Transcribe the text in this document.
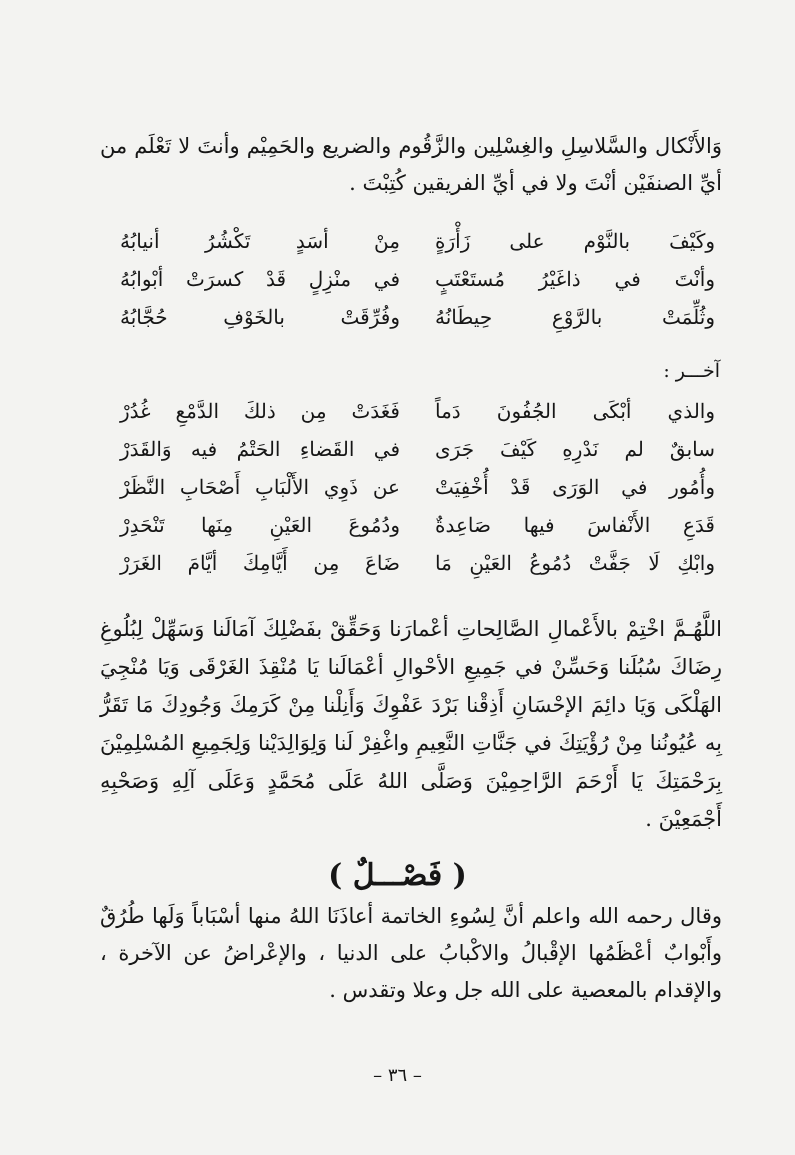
وَالأَنْكال والسَّلاسِلِ والغِسْلِين والزَّقُوم والضريع والحَمِيْم وأنتَ لا تَعْلَم من أيِّ الصنفَيْن أنْتَ ولا في أيِّ الفريقين كُتِبْتَ .

وكَيْفَ بالنَّوْم على زَأْرَةٍ
مِنْ أسَدٍ تَكْشُرُ أنيابُهُ
وأنْتَ في ذاغَيْرُ مُستَعْتَبٍ
في منْزِلٍ قَدْ كسرَتْ أبْوابُهُ
وثُلِّمَتْ بالرَّوْعِ حِيطَانُهُ
وفُرِّقَتْ بالخَوْفِ حُجَّابُهُ
آخـــر :
والذي أبْكَى الجُفُونَ دَماً
فَغَدَتْ مِن ذلكَ الدَّمْعِ غُدُرْ
سابقٌ لم نَدْرِهِ كَيْفَ جَرَى
في القَضاءِ الحَتْمُ فيه وَالقَدَرْ
وأُمُور في الوَرَى قَدْ أُخْفِيَتْ
عن ذَوِي الأَلْبَابِ أَصْحَابِ النَّظَرْ
قَدَعِ الأَنْفاسَ فيها صَاعِدةٌ
ودُمُوعَ العَيْنِ مِنَها تَنْحَدِرْ
وابْكِ لَا جَفَّتْ دُمُوعُ العَيْنِ مَا
ضَاعَ مِن أَيَّامِكَ أيَّامَ الغَرَرْ

اللَّهُـمَّ اخْتِمْ بالأَعْمالِ الصَّالِحاتِ أعْمارَنا وَحَقِّقْ بفَضْلِكَ آمَالَنا وَسَهِّلْ لِبُلُوغِ رِضَاكَ سُبُلَنا وَحَسِّنْ في جَمِيعِ الأحْوالِ أعْمَالَنا يَا مُنْقِذَ الغَرْقَى وَيَا مُنْجِيَ الهَلْكَى وَيَا دائِمَ الإحْسَانِ أَذِقْنا بَرْدَ عَفْوِكَ وَأَنِلْنا مِنْ كَرَمِكَ وَجُودِكَ مَا تَقَرُّ بِه عُيُونُنا مِنْ رُؤْيَتِكَ في جَنَّاتِ النَّعِيمِ واغْفِرْ لَنا وَلِوَالِدَيْنا وَلِجَمِيعِ المُسْلِمِيْنَ بِرَحْمَتِكَ يَا أَرْحَمَ الرَّاحِمِيْنَ وَصَلَّى اللهُ عَلَى مُحَمَّدٍ وَعَلَى آلِهِ وَصَحْبِهِ أَجْمَعِيْنَ .

( فَصْـــلٌ )

وقال رحمه الله واعلم أنَّ لِسُوءِ الخاتمة أعاذَنَا اللهُ منها أسْبَاباً وَلَها طُرُقٌ وأَبْوابٌ أعْظَمُها الإقْبالُ والاكْبابُ على الدنيا ، والإعْراضُ عن الآخرة ، والإقدام بالمعصية على الله جل وعلا وتقدس .

– ٣٦ –
